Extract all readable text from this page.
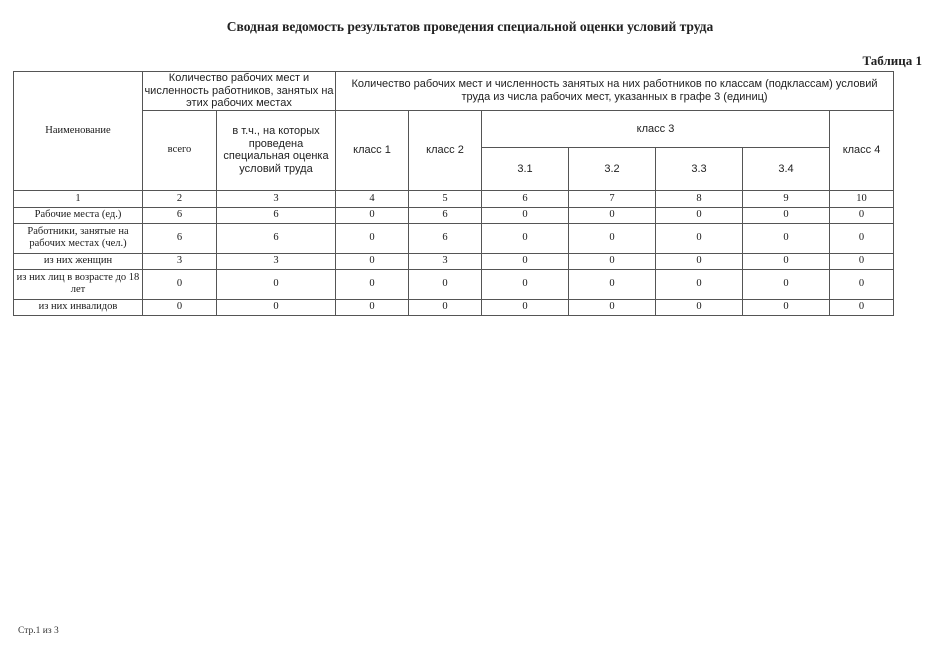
Сводная ведомость результатов проведения специальной оценки условий труда
Таблица 1
Наименование	Количество рабочих мест и численность работников, занятых на этих рабочих местах		Количество рабочих мест и численность занятых на них работников по классам (подклассам) условий труда из числа рабочих мест, указанных в графе 3 (единиц)						
	всего	в т.ч., на которых проведена специальная оценка условий труда	класс 1	класс 2	класс 3				класс 4
					3.1	3.2	3.3	3.4	
1	2	3	4	5	6	7	8	9	10
Рабочие места (ед.)	6	6	0	6	0	0	0	0	0
Работники, занятые на рабочих местах (чел.)	6	6	0	6	0	0	0	0	0
из них женщин	3	3	0	3	0	0	0	0	0
из них лиц в возрасте до 18 лет	0	0	0	0	0	0	0	0	0
из них инвалидов	0	0	0	0	0	0	0	0	0
Стр.1 из 3
